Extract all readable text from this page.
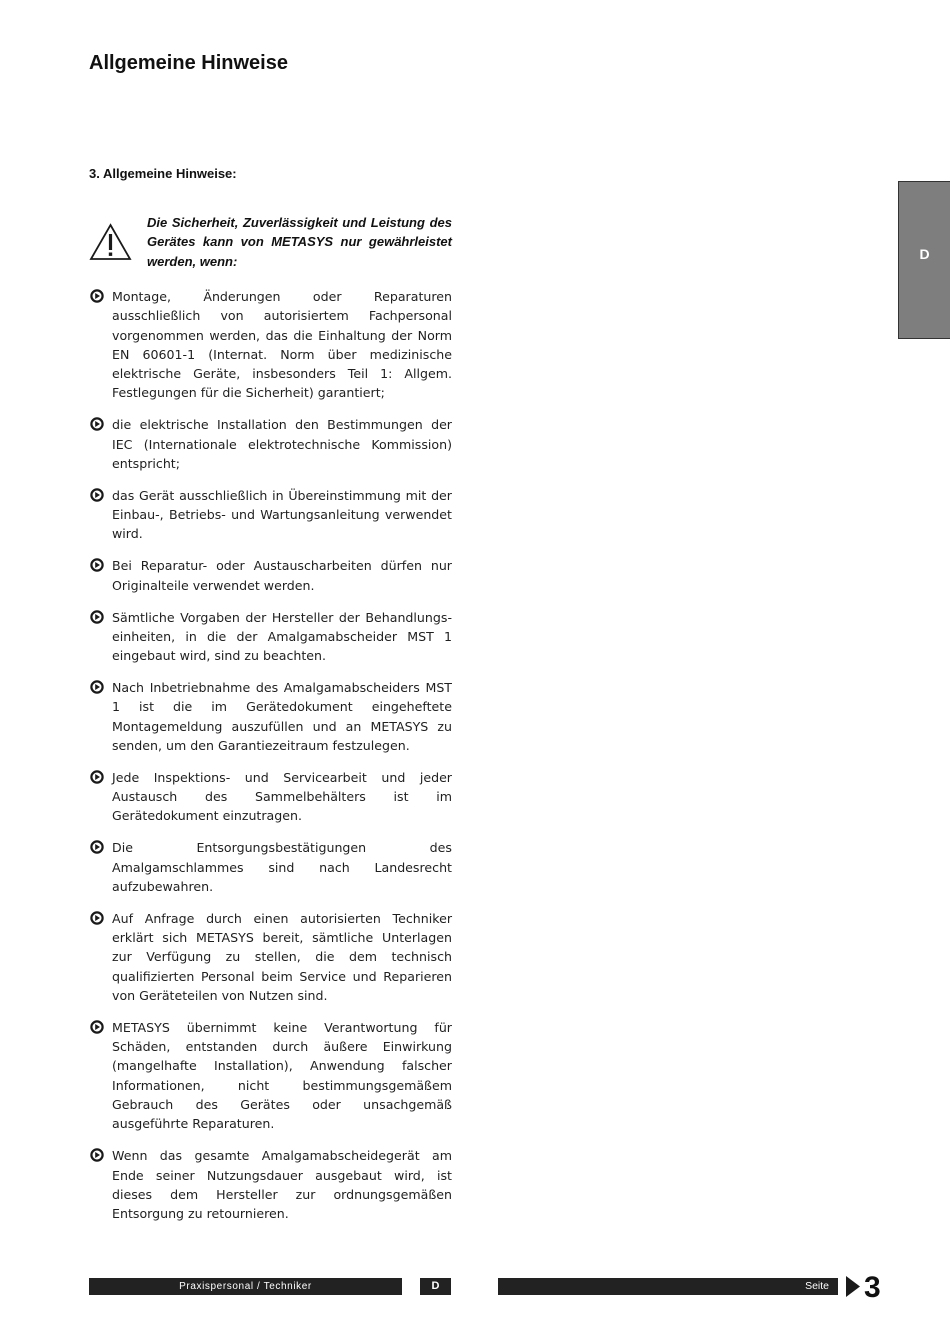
Allgemeine Hinweise
3. Allgemeine Hinweise:
Die Sicherheit, Zuverlässigkeit und Leistung des Gerätes kann von METASYS nur gewährleistet werden, wenn:
Montage, Änderungen oder Reparaturen ausschließlich von autorisiertem Fachpersonal vorgenommen werden, das die Einhaltung der Norm EN 60601-1 (Internat. Norm über medizinische elektrische Geräte, insbesonders Teil 1: Allgem. Festlegungen für die Sicherheit) garantiert;
die elektrische Installation den Bestimmungen der IEC (Internationale elektrotechnische Kommission) entspricht;
das Gerät ausschließlich in Übereinstimmung mit der Einbau-, Betriebs- und Wartungsanleitung verwendet wird.
Bei Reparatur- oder Austauscharbeiten dürfen nur Originalteile verwendet werden.
Sämtliche Vorgaben der Hersteller der Behandlungs-einheiten, in die der Amalgamabscheider MST 1 eingebaut wird, sind zu beachten.
Nach Inbetriebnahme des Amalgamabscheiders MST 1 ist die im Gerätedokument eingeheftete Montagemeldung auszufüllen und an METASYS zu senden, um den Garantiezeitraum festzulegen.
Jede Inspektions- und Servicearbeit und jeder Austausch des Sammelbehälters ist im Gerätedokument einzutragen.
Die Entsorgungsbestätigungen des Amalgamschlammes sind nach Landesrecht aufzubewahren.
Auf Anfrage durch einen autorisierten Techniker erklärt sich METASYS bereit, sämtliche Unterlagen zur Verfügung zu stellen, die dem technisch qualifizierten Personal beim Service und Reparieren von Geräteteilen von Nutzen sind.
METASYS übernimmt keine Verantwortung für Schäden, entstanden durch äußere Einwirkung (mangelhafte Installation), Anwendung falscher Informationen, nicht bestimmungsgemäßem Gebrauch des Gerätes oder unsachgemäß ausgeführte Reparaturen.
Wenn das gesamte Amalgamabscheidegerät am Ende seiner Nutzungsdauer ausgebaut wird, ist dieses dem Hersteller zur ordnungsgemäßen Entsorgung zu retournieren.
D
Praxispersonal / Techniker	D	Seite	3
